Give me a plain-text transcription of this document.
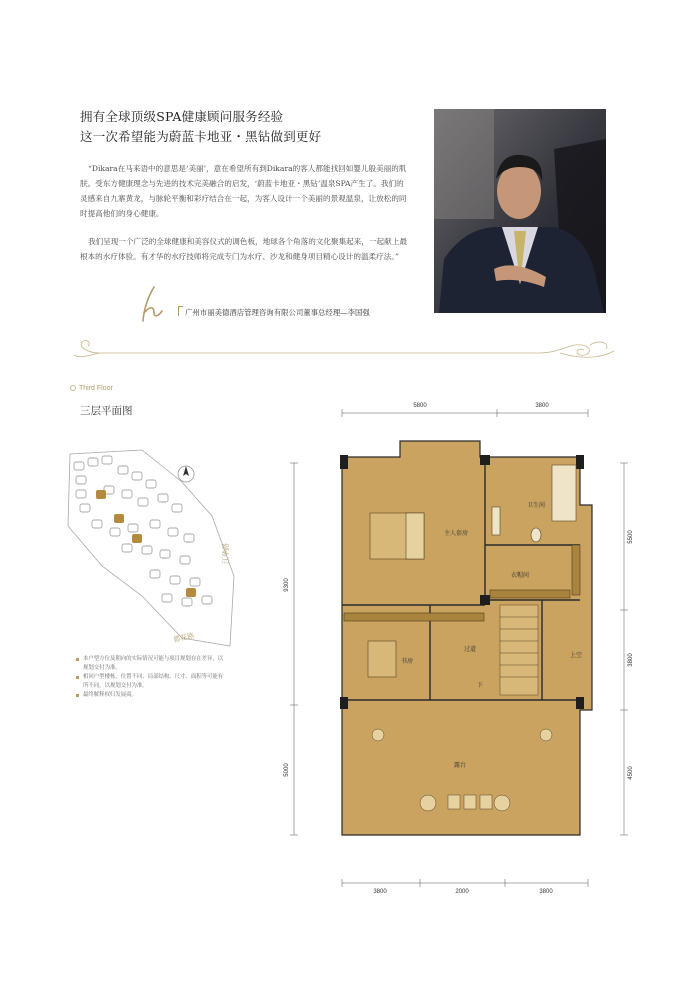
拥有全球顶级SPA健康顾问服务经验
这一次希望能为蔚蓝卡地亚・黑钻做到更好
“Dikara在马来语中的意思是‘美丽’，意在希望所有到Dikara的客人都能找回如婴儿般美丽的肌肤。受东方健康理念与先进的技术完美融合的启发，‘蔚蓝卡地亚・黑钻’温泉SPA产生了。我们的灵感来自九寨黄龙，与脉轮平衡和彩疗结合在一起，为客人设计一个美丽的景观温泉，让放松的同时提高他们的身心健康。
我们呈现一个广泛的全球健康和美容仪式的调色板，地球各个角落的文化聚集起来，一起献上最根本的水疗体验。有才华的水疗技师将完成专门为水疗、沙龙和健身项目精心设计的温柔疗法。”
广州市丽美德酒店管理咨询有限公司董事总经理—李国强
Third Floor
三层平面图
江华路
都花路
本户型方位及朝向的实际情况可能与项目规划存在差异，以规划交付为准。
相同户型楼栋，位置不同、局部结构、尺寸、面积等可能有所不同，以规划交付为准。
最终解释权归发展商。
5800	3800
3800	2000	3800
9300
5000
5500
3800
4500
主人套房
卫生间
衣帽间
书房
过道
下
上空
露台
